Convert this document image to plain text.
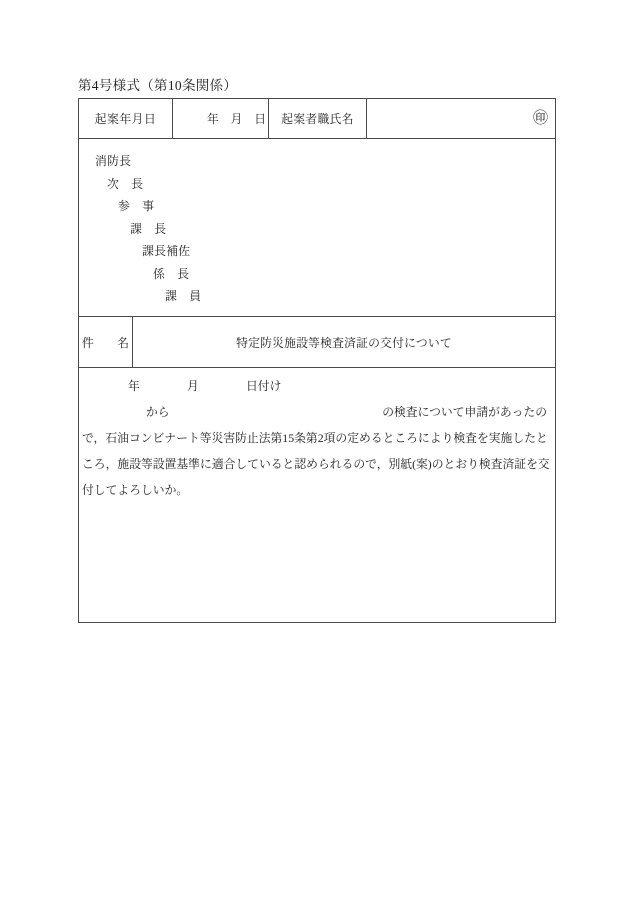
第4号様式（第10条関係）
起案年月日	年　月　日	起案者職氏名	㊞
消防長
次　長
参　事
課　長
課長補佐
係　長
課　員
件　　名	特定防災施設等検査済証の交付について
年　　　　月　　　　日付け
から	の検査について申請があったの
で，石油コンビナート等災害防止法第15条第2項の定めるところにより検査を実施したと
ころ，施設等設置基準に適合していると認められるので，別紙(案)のとおり検査済証を交
付してよろしいか。
